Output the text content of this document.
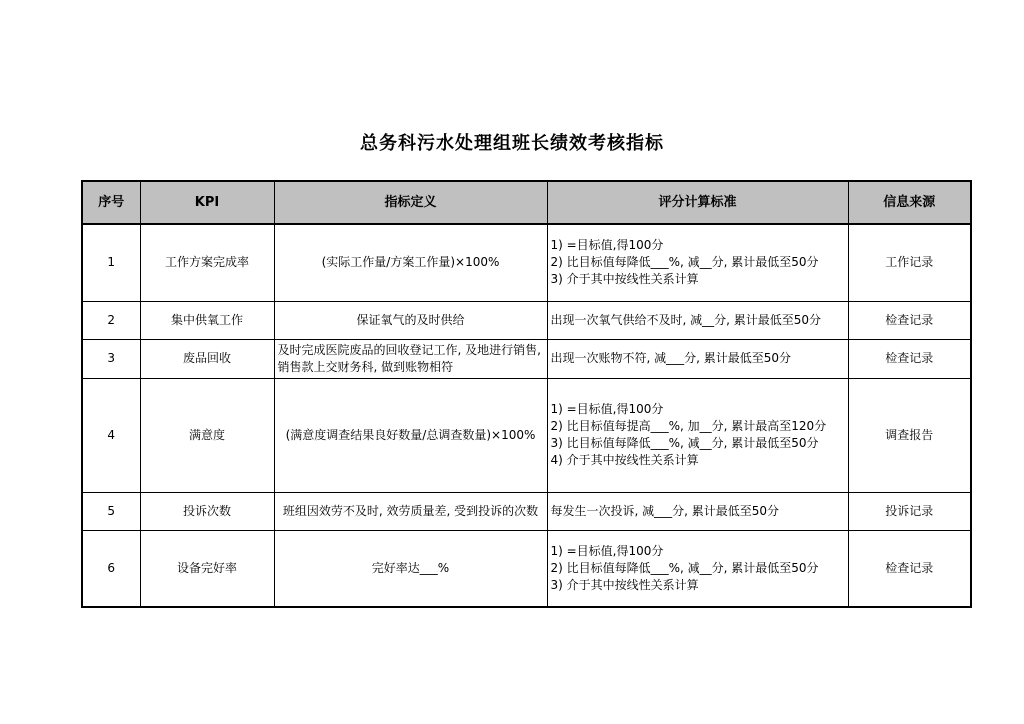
总务科污水处理组班长绩效考核指标
序号	KPI	指标定义	评分计算标准	信息来源
1	工作方案完成率	(实际工作量/方案工作量)×100%	1) =目标值,得100分
2) 比目标值每降低___%, 减__分, 累计最低至50分
3) 介于其中按线性关系计算	工作记录
2	集中供氧工作	保证氧气的及时供给	出现一次氧气供给不及时, 减__分, 累计最低至50分	检查记录
3	废品回收	及时完成医院废品的回收登记工作, 及地进行销售, 销售款上交财务科, 做到账物相符	出现一次账物不符, 减___分, 累计最低至50分	检查记录
4	满意度	(满意度调查结果良好数量/总调查数量)×100%	1) =目标值,得100分
2) 比目标值每提高___%, 加__分, 累计最高至120分
3) 比目标值每降低___%, 减__分, 累计最低至50分
4) 介于其中按线性关系计算	调查报告
5	投诉次数	班组因效劳不及时, 效劳质量差, 受到投诉的次数	每发生一次投诉, 减___分, 累计最低至50分	投诉记录
6	设备完好率	完好率达___%	1) =目标值,得100分
2) 比目标值每降低___%, 减__分, 累计最低至50分
3) 介于其中按线性关系计算	检查记录
